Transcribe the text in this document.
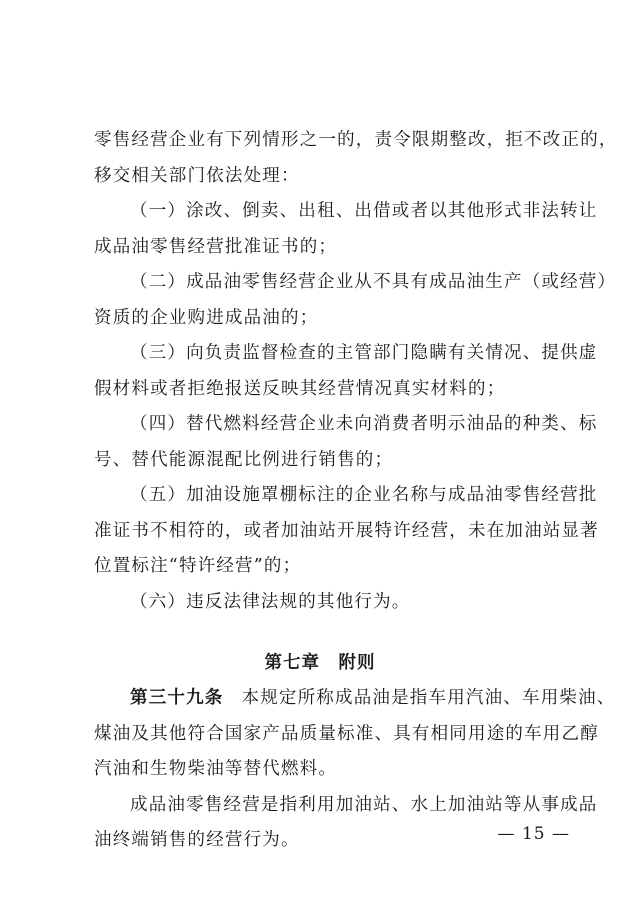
零售经营企业有下列情形之一的，责令限期整改，拒不改正的，
移交相关部门依法处理：
（一）涂改、倒卖、出租、出借或者以其他形式非法转让
成品油零售经营批准证书的；
（二）成品油零售经营企业从不具有成品油生产（或经营）
资质的企业购进成品油的；
（三）向负责监督检查的主管部门隐瞒有关情况、提供虚
假材料或者拒绝报送反映其经营情况真实材料的；
（四）替代燃料经营企业未向消费者明示油品的种类、标
号、替代能源混配比例进行销售的；
（五）加油设施罩棚标注的企业名称与成品油零售经营批
准证书不相符的，或者加油站开展特许经营，未在加油站显著
位置标注“特许经营”的；
（六）违反法律法规的其他行为。
第七章　附则
第三十九条 本规定所称成品油是指车用汽油、车用柴油、
煤油及其他符合国家产品质量标准、具有相同用途的车用乙醇
汽油和生物柴油等替代燃料。
成品油零售经营是指利用加油站、水上加油站等从事成品
油终端销售的经营行为。	— 15 —
